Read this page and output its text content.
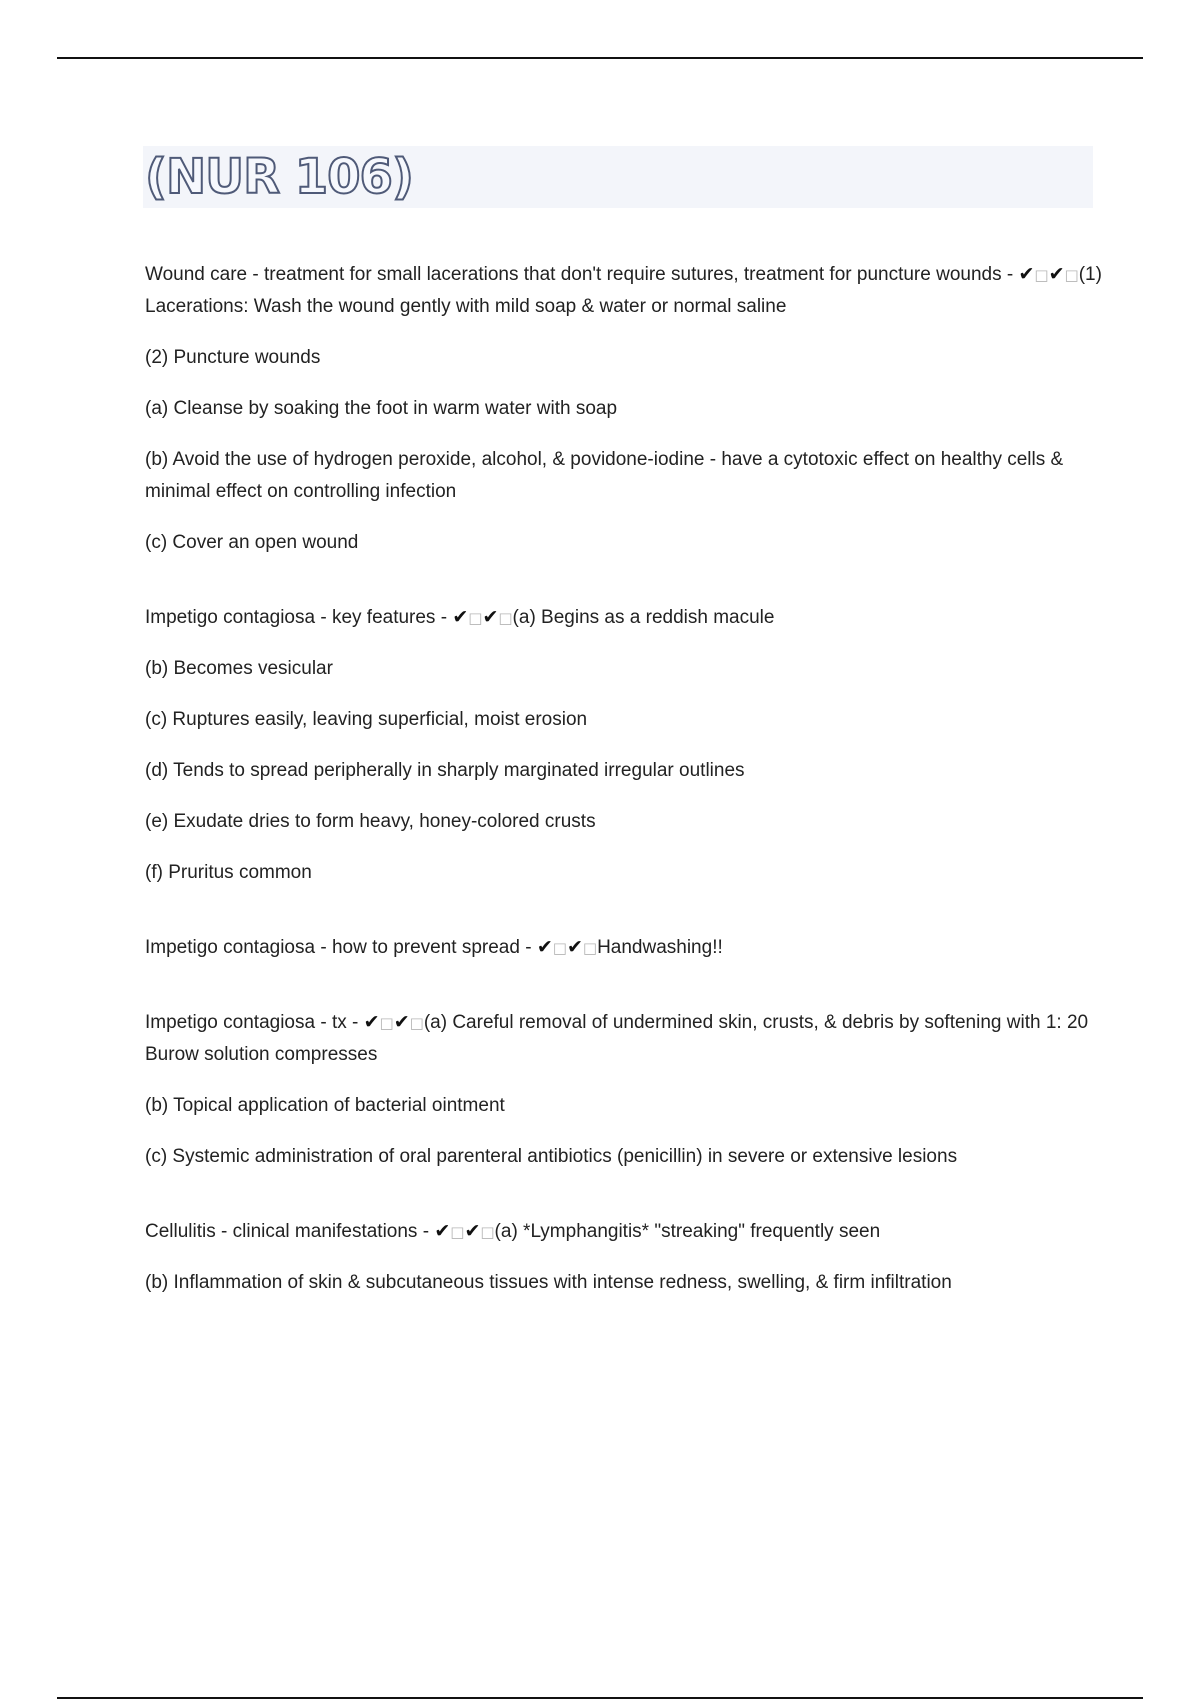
(NUR 106)

Wound care - treatment for small lacerations that don't require sutures, treatment for puncture wounds - ✔□✔□(1) Lacerations: Wash the wound gently with mild soap & water or normal saline

(2) Puncture wounds

(a) Cleanse by soaking the foot in warm water with soap

(b) Avoid the use of hydrogen peroxide, alcohol, & povidone-iodine - have a cytotoxic effect on healthy cells & minimal effect on controlling infection

(c) Cover an open wound

Impetigo contagiosa - key features - ✔□✔□(a) Begins as a reddish macule

(b) Becomes vesicular

(c) Ruptures easily, leaving superficial, moist erosion

(d) Tends to spread peripherally in sharply marginated irregular outlines

(e) Exudate dries to form heavy, honey-colored crusts

(f) Pruritus common

Impetigo contagiosa - how to prevent spread - ✔□✔□Handwashing!!

Impetigo contagiosa - tx - ✔□✔□(a) Careful removal of undermined skin, crusts, & debris by softening with 1: 20 Burow solution compresses

(b) Topical application of bacterial ointment

(c) Systemic administration of oral parenteral antibiotics (penicillin) in severe or extensive lesions

Cellulitis - clinical manifestations - ✔□✔□(a) *Lymphangitis* "streaking" frequently seen

(b) Inflammation of skin & subcutaneous tissues with intense redness, swelling, & firm infiltration
